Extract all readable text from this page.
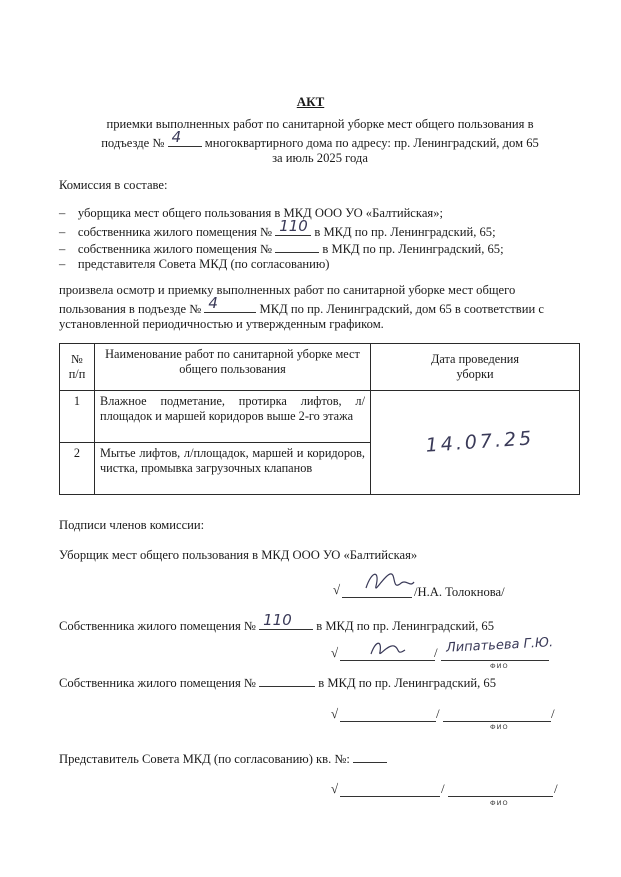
АКТ
приемки выполненных работ по санитарной уборке мест общего пользования в
подъезде № 4 многоквартирного дома по адресу: пр. Ленинградский, дом 65
за июль 2025 года
Комиссия в составе:
– уборщика мест общего пользования в МКД ООО УО «Балтийская»;
– собственника жилого помещения № 110 в МКД по пр. Ленинградский, 65;
– собственника жилого помещения №	в МКД по пр. Ленинградский, 65;
– представителя Совета МКД (по согласованию)
произвела осмотр и приемку выполненных работ по санитарной уборке мест общего
пользования в подъезде № 4	МКД по пр. Ленинградский, дом 65 в соответствии с
установленной периодичностью и утвержденным графиком.
№ п/п	Наименование работ по санитарной уборке мест общего пользования	Дата проведения уборки
1	Влажное подметание, протирка лифтов, л/площадок и маршей коридоров выше 2-го этажа	14.07.25

2	Мытье лифтов, л/площадок, маршей и коридоров, чистка, промывка загрузочных клапанов	
Подписи членов комиссии:
Уборщик мест общего пользования в МКД ООО УО «Балтийская»
√	/Н.А. Толокнова/
Собственника жилого помещения № 110 в МКД по пр. Ленинградский, 65
√	/ Липатьева Г.Ю.
ФИО
Собственника жилого помещения №	в МКД по пр. Ленинградский, 65
√	/	/
ФИО
Представитель Совета МКД (по согласованию) кв. №:
√	/	/
ФИО
